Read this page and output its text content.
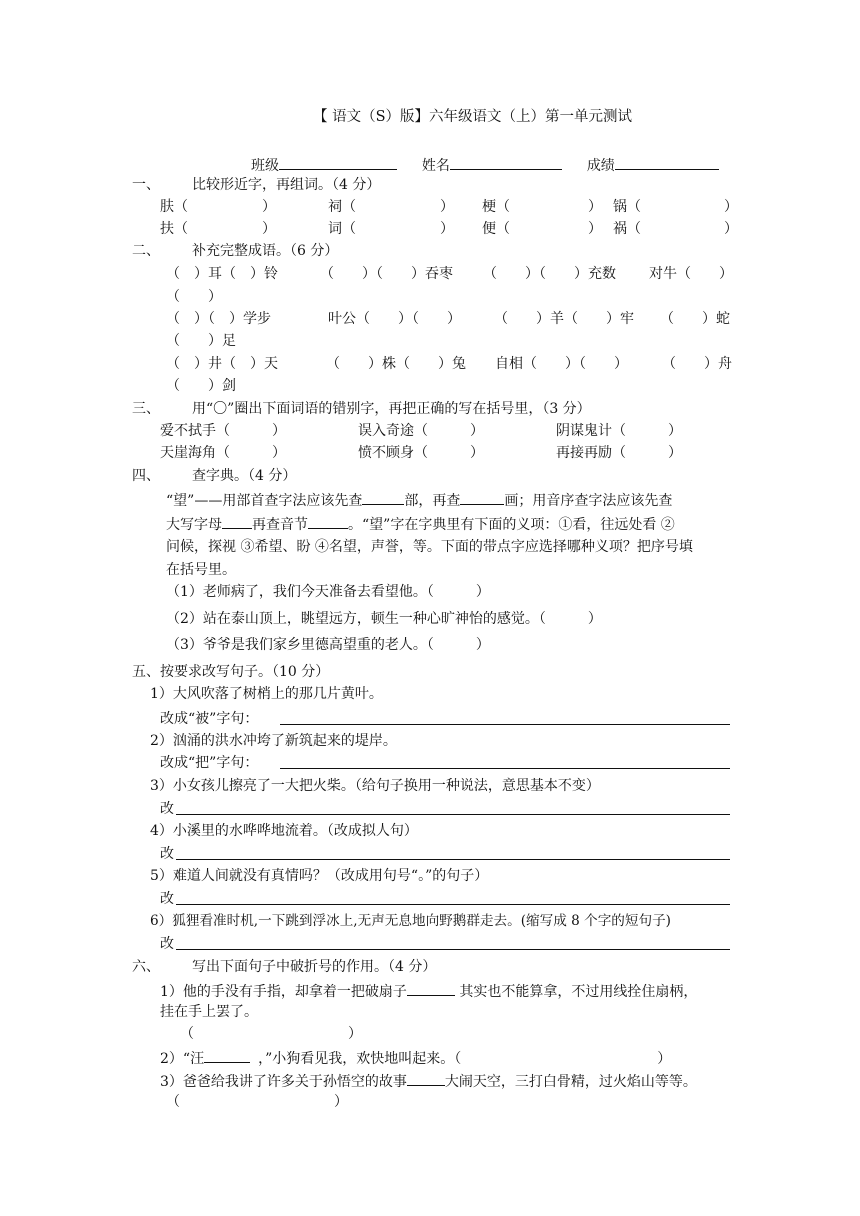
【 语文（S）版】六年级语文（上）第一单元测试
班级	姓名	成绩
一、 比较形近字，再组词。（4 分）
肤（	）	祠（	） 梗（	） 锅（	）
扶（	）	词（	） 便（	） 祸（	）
二、 补充完整成语。（6 分）
（　）耳（　）铃	（　　）（　　）吞枣 （　　）（　　）充数 对牛（　　）
（　　）
（　）（　）学步	叶公（　　）（　　） （　　）羊（　　）牢 （　　）蛇
（　　）足
（　）井（　）天	（　　）株（　　）兔 自相（　　）（　　） （　　）舟
（　　）剑
三、 用“〇”圈出下面词语的错别字，再把正确的写在括号里，（3 分）
爱不拭手（　　　）	误入奇途（　　　）	阴谋鬼计（　　　）
天崖海角（　　　）	愤不顾身（　　　）	再接再励（　　　）
四、 查字典。（4 分）
“望”——用部首查字法应该先查	部，再查	画；用音序查字法应该先查
大写字母 再查音节	。“望”字在字典里有下面的义项：①看，往远处看 ②
问候，探视 ③希望、盼 ④名望，声誉，等。下面的带点字应选择哪种义项？把序号填
在括号里。
（1）老师病了，我们今天准备去看望他。（　　　）
（2）站在泰山顶上，眺望远方，顿生一种心旷神怡的感觉。（　　　）
（3）爷爷是我们家乡里德高望重的老人。（　　　）
五、按要求改写句子。（10 分）
1）大风吹落了树梢上的那几片黄叶。
改成“被”字句：
2）汹涌的洪水冲垮了新筑起来的堤岸。
改成“把”字句：
3）小女孩儿擦亮了一大把火柴。（给句子换用一种说法，意思基本不变）
改
4）小溪里的水哗哗地流着。（改成拟人句）
改
5）难道人间就没有真情吗？（改成用句号“。”的句子）
改
6）狐狸看准时机,一下跳到浮冰上,无声无息地向野鹅群走去。(缩写成 8 个字的短句子)
改
六、 写出下面句子中破折号的作用。（4 分）
1）他的手没有手指，却拿着一把破扇子	其实也不能算拿，不过用线拴住扇柄，
挂在手上罢了。
（　　　　　　　　　　　）
2）“汪	，”小狗看见我，欢快地叫起来。（	）
3）爸爸给我讲了许多关于孙悟空的故事	大闹天空，三打白骨精，过火焰山等等。
（　　　　　　　　　　　）
